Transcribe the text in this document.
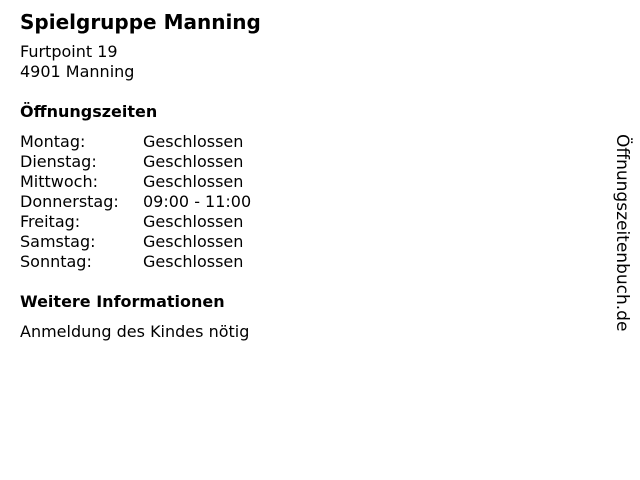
Spielgruppe Manning
Furtpoint 19
4901 Manning
Öffnungszeiten
Montag:	Geschlossen
Dienstag:	Geschlossen
Mittwoch:	Geschlossen
Donnerstag:	09:00 - 11:00
Freitag:	Geschlossen
Samstag:	Geschlossen
Sonntag:	Geschlossen
Weitere Informationen
Anmeldung des Kindes nötig
Öffnungszeitenbuch.de
